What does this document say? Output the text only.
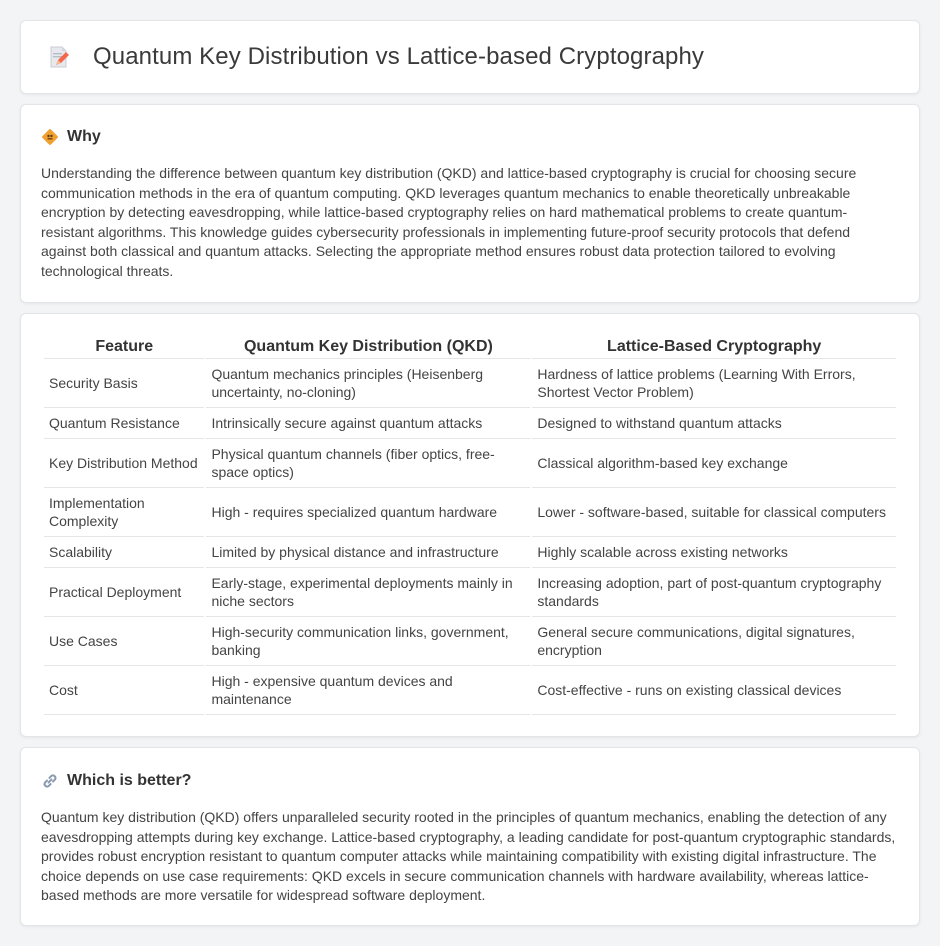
Quantum Key Distribution vs Lattice-based Cryptography
Why

Understanding the difference between quantum key distribution (QKD) and lattice-based cryptography is crucial for choosing secure communication methods in the era of quantum computing. QKD leverages quantum mechanics to enable theoretically unbreakable encryption by detecting eavesdropping, while lattice-based cryptography relies on hard mathematical problems to create quantum-resistant algorithms. This knowledge guides cybersecurity professionals in implementing future-proof security protocols that defend against both classical and quantum attacks. Selecting the appropriate method ensures robust data protection tailored to evolving technological threats.

Feature	Quantum Key Distribution (QKD)	Lattice-Based Cryptography
Security Basis	Quantum mechanics principles (Heisenberg uncertainty, no-cloning)	Hardness of lattice problems (Learning With Errors, Shortest Vector Problem)
Quantum Resistance	Intrinsically secure against quantum attacks	Designed to withstand quantum attacks
Key Distribution Method	Physical quantum channels (fiber optics, free-space optics)	Classical algorithm-based key exchange
Implementation Complexity	High - requires specialized quantum hardware	Lower - software-based, suitable for classical computers
Scalability	Limited by physical distance and infrastructure	Highly scalable across existing networks
Practical Deployment	Early-stage, experimental deployments mainly in niche sectors	Increasing adoption, part of post-quantum cryptography standards
Use Cases	High-security communication links, government, banking	General secure communications, digital signatures, encryption
Cost	High - expensive quantum devices and maintenance	Cost-effective - runs on existing classical devices
Which is better?

Quantum key distribution (QKD) offers unparalleled security rooted in the principles of quantum mechanics, enabling the detection of any eavesdropping attempts during key exchange. Lattice-based cryptography, a leading candidate for post-quantum cryptographic standards, provides robust encryption resistant to quantum computer attacks while maintaining compatibility with existing digital infrastructure. The choice depends on use case requirements: QKD excels in secure communication channels with hardware availability, whereas lattice-based methods are more versatile for widespread software deployment.
